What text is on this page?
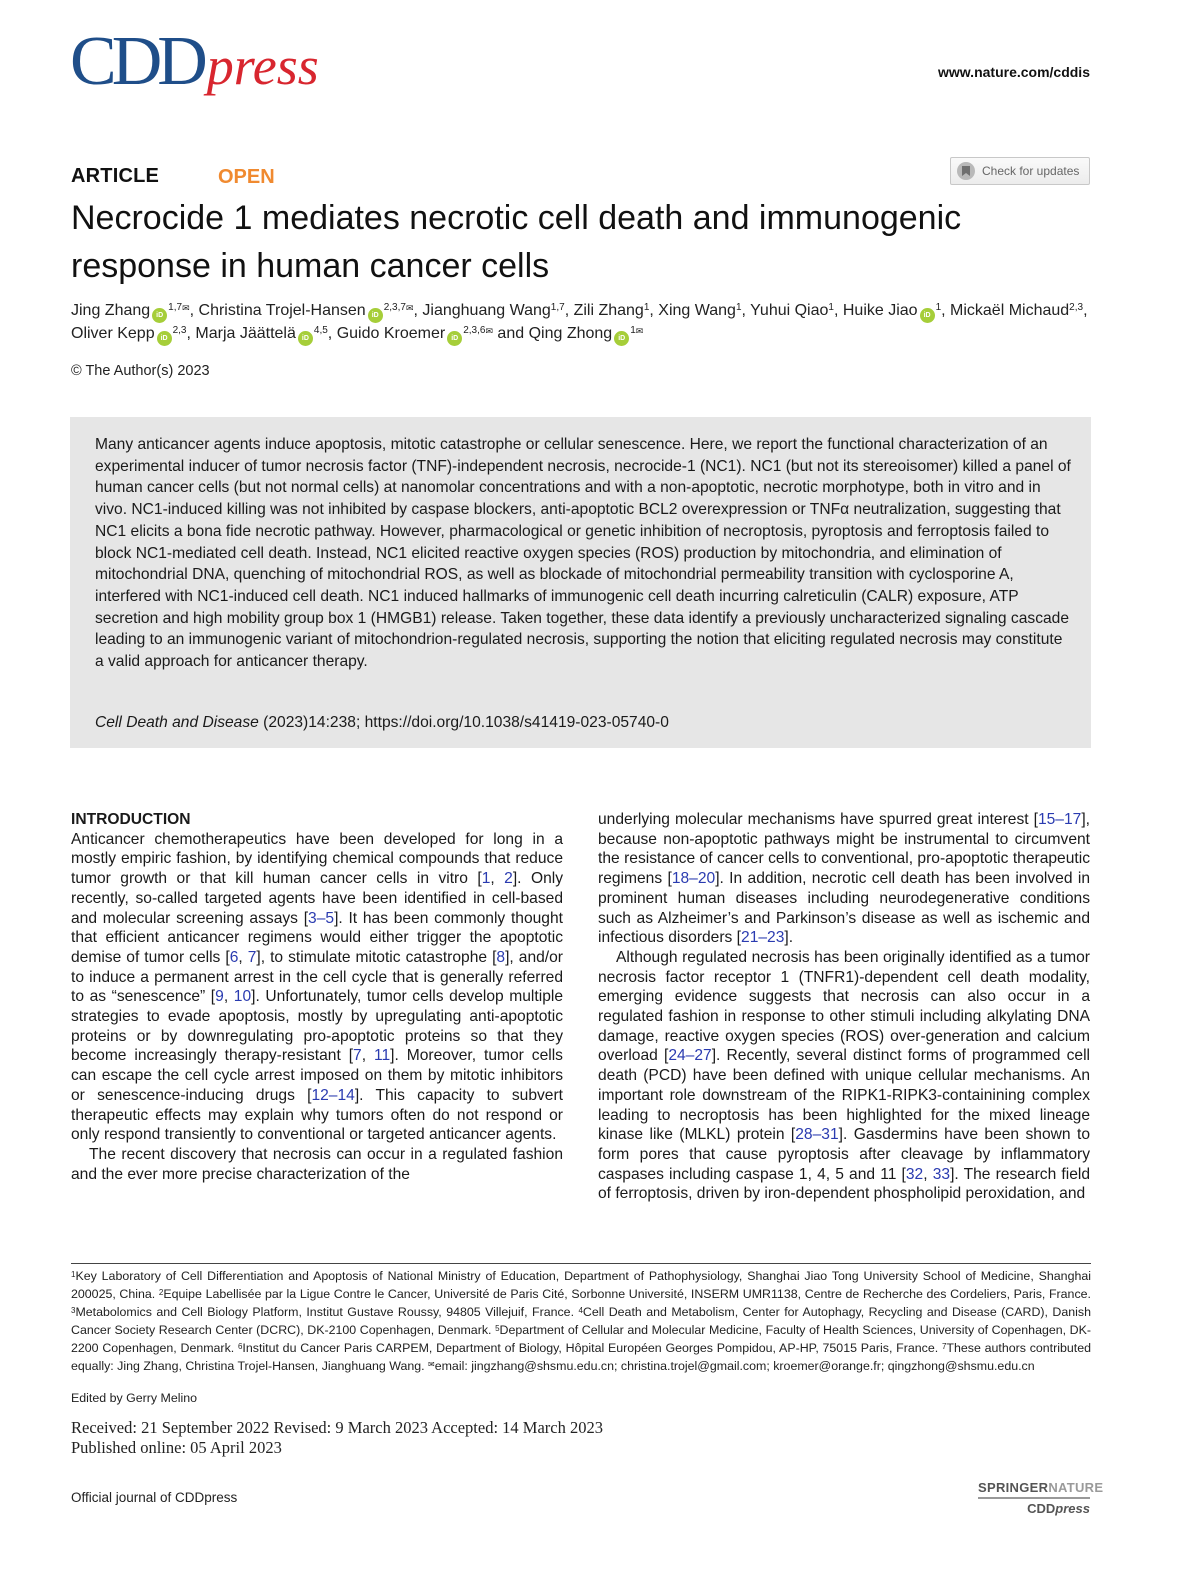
CDDpress	www.nature.com/cddis
ARTICLE	OPEN	Check for updates
Necrocide 1 mediates necrotic cell death and immunogenic response in human cancer cells
Jing Zhang $iD^{1,7✉}$, Christina Trojel-Hansen $iD^{2,3,7✉}$, Jianghuang Wang$^{1,7}$, Zili Zhang$^1$, Xing Wang$^1$, Yuhui Qiao$^1$, Huike Jiao $iD^1$, Mickaël Michaud$^{2,3}$, Oliver Kepp iD$^{2,3}$, Marja Jäättelä iD$^{4,5}$, Guido Kroemer $iD^{2,3,6✉}$ and Qing Zhong $iD^{1✉}$
© The Author(s) 2023

Many anticancer agents induce apoptosis, mitotic catastrophe or cellular senescence. Here, we report the functional characterization of an experimental inducer of tumor necrosis factor (TNF)-independent necrosis, necrocide-1 (NC1). NC1 (but not its stereoisomer) killed a panel of human cancer cells (but not normal cells) at nanomolar concentrations and with a non-apoptotic, necrotic morphotype, both in vitro and in vivo. NC1-induced killing was not inhibited by caspase blockers, anti-apoptotic BCL2 overexpression or TNFα neutralization, suggesting that NC1 elicits a bona fide necrotic pathway. However, pharmacological or genetic inhibition of necroptosis, pyroptosis and ferroptosis failed to block NC1-mediated cell death. Instead, NC1 elicited reactive oxygen species (ROS) production by mitochondria, and elimination of mitochondrial DNA, quenching of mitochondrial ROS, as well as blockade of mitochondrial permeability transition with cyclosporine A, interfered with NC1-induced cell death. NC1 induced hallmarks of immunogenic cell death incurring calreticulin (CALR) exposure, ATP secretion and high mobility group box 1 (HMGB1) release. Taken together, these data identify a previously uncharacterized signaling cascade leading to an immunogenic variant of mitochondrion-regulated necrosis, supporting the notion that eliciting regulated necrosis may constitute a valid approach for anticancer therapy.

Cell Death and Disease (2023)14:238; https://doi.org/10.1038/s41419-023-05740-0
INTRODUCTION

Anticancer chemotherapeutics have been developed for long in a mostly empiric fashion, by identifying chemical compounds that reduce tumor growth or that kill human cancer cells in vitro [1, 2]. Only recently, so-called targeted agents have been identified in cell-based and molecular screening assays [3–5]. It has been commonly thought that efficient anticancer regimens would either trigger the apoptotic demise of tumor cells [6, 7], to stimulate mitotic catastrophe [8], and/or to induce a permanent arrest in the cell cycle that is generally referred to as “senescence” [9, 10]. Unfortunately, tumor cells develop multiple strategies to evade apoptosis, mostly by upregulating anti-apoptotic proteins or by downregulating pro-apoptotic proteins so that they become increasingly therapy-resistant [7, 11]. Moreover, tumor cells can escape the cell cycle arrest imposed on them by mitotic inhibitors or senescence-inducing drugs [12–14]. This capacity to subvert therapeutic effects may explain why tumors often do not respond or only respond transiently to conventional or targeted anticancer agents.

The recent discovery that necrosis can occur in a regulated fashion and the ever more precise characterization of the

underlying molecular mechanisms have spurred great interest [15–17], because non-apoptotic pathways might be instrumental to circumvent the resistance of cancer cells to conventional, pro-apoptotic therapeutic regimens [18–20]. In addition, necrotic cell death has been involved in prominent human diseases including neurodegenerative conditions such as Alzheimer’s and Parkinson’s disease as well as ischemic and infectious disorders [21–23].

Although regulated necrosis has been originally identified as a tumor necrosis factor receptor 1 (TNFR1)-dependent cell death modality, emerging evidence suggests that necrosis can also occur in a regulated fashion in response to other stimuli including alkylating DNA damage, reactive oxygen species (ROS) over-generation and calcium overload [24–27]. Recently, several distinct forms of programmed cell death (PCD) have been defined with unique cellular mechanisms. An important role downstream of the RIPK1-RIPK3-containining complex leading to necroptosis has been highlighted for the mixed lineage kinase like (MLKL) protein [28–31]. Gasdermins have been shown to form pores that cause pyroptosis after cleavage by inflammatory caspases including caspase 1, 4, 5 and 11 [32, 33]. The research field of ferroptosis, driven by iron-dependent phospholipid peroxidation, and

$^1$Key Laboratory of Cell Differentiation and Apoptosis of National Ministry of Education, Department of Pathophysiology, Shanghai Jiao Tong University School of Medicine, Shanghai 200025, China. $^2$Equipe Labellisée par la Ligue Contre le Cancer, Université de Paris Cité, Sorbonne Université, INSERM UMR1138, Centre de Recherche des Cordeliers, Paris, France. $^3$Metabolomics and Cell Biology Platform, Institut Gustave Roussy, 94805 Villejuif, France. $^4$Cell Death and Metabolism, Center for Autophagy, Recycling and Disease (CARD), Danish Cancer Society Research Center (DCRC), DK-2100 Copenhagen, Denmark. $^5$Department of Cellular and Molecular Medicine, Faculty of Health Sciences, University of Copenhagen, DK-2200 Copenhagen, Denmark. $^6$Institut du Cancer Paris CARPEM, Department of Biology, Hôpital Européen Georges Pompidou, AP-HP, 75015 Paris, France. $^7$These authors contributed equally: Jing Zhang, Christina Trojel-Hansen, Jianghuang Wang. ✉email: jingzhang@shsmu.edu.cn; christina.trojel@gmail.com; kroemer@orange.fr; qingzhong@shsmu.edu.cn
Edited by Gerry Melino
Received: 21 September 2022 Revised: 9 March 2023 Accepted: 14 March 2023
Published online: 05 April 2023
Official journal of CDDpress
SPRINGERNATURE
CDDpress
